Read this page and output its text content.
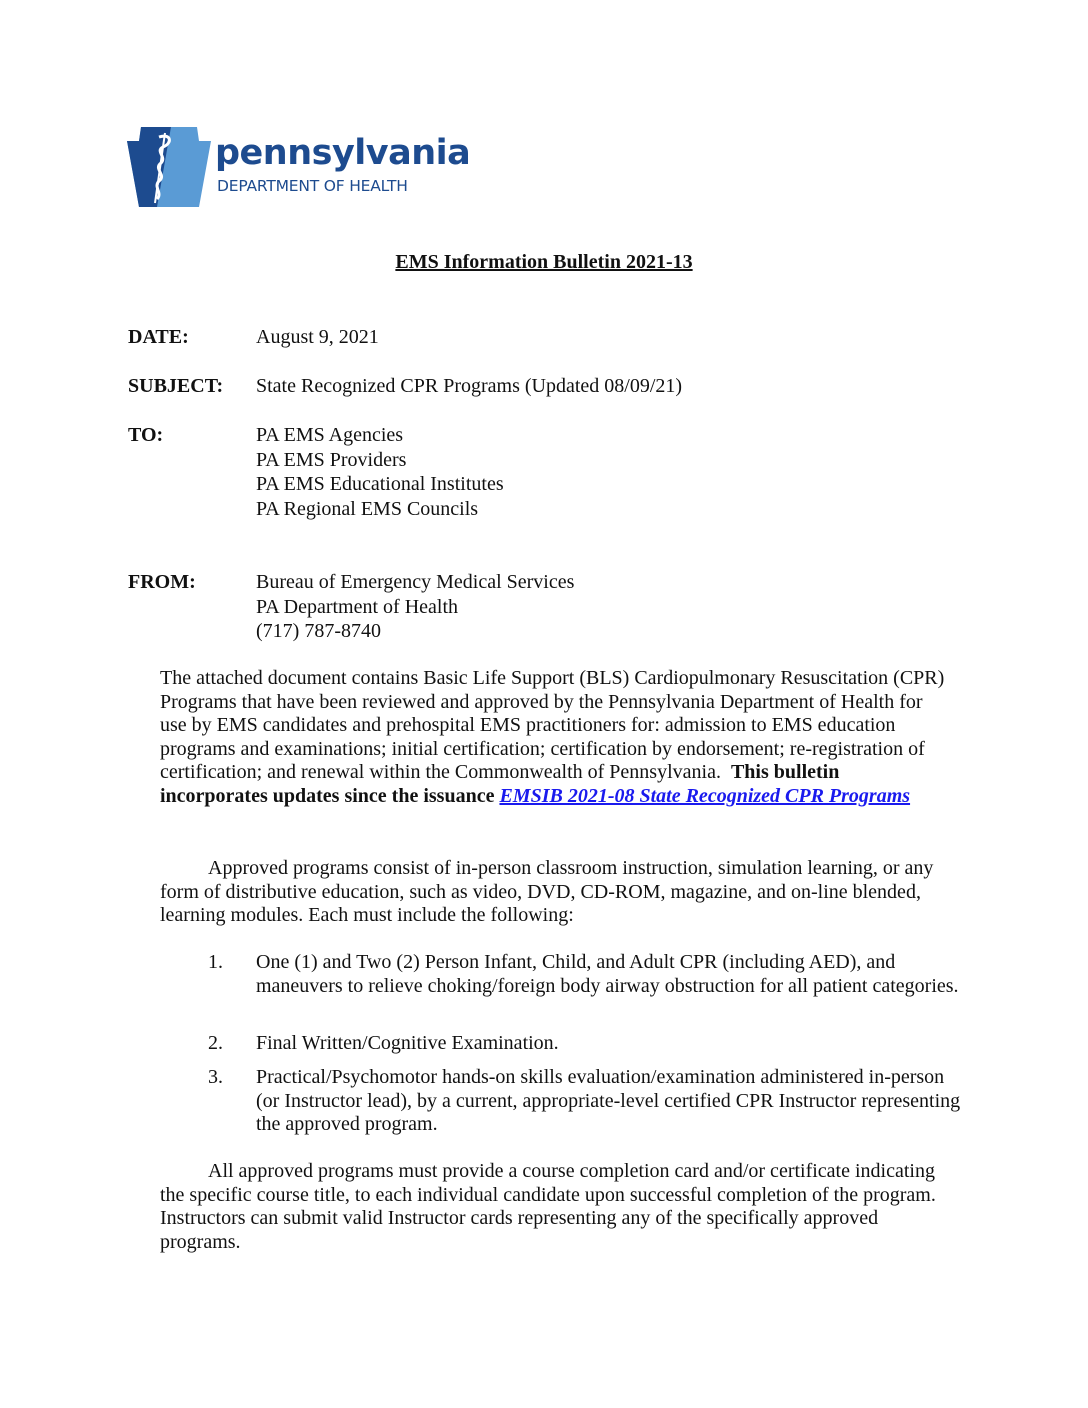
pennsylvania
DEPARTMENT OF HEALTH
EMS Information Bulletin 2021-13
DATE:	August 9, 2021
SUBJECT: State Recognized CPR Programs (Updated 08/09/21)
TO:	PA EMS Agencies
PA EMS Providers
PA EMS Educational Institutes
PA Regional EMS Councils
FROM:	Bureau of Emergency Medical Services
PA Department of Health
(717) 787-8740
The attached document contains Basic Life Support (BLS) Cardiopulmonary Resuscitation (CPR) Programs that have been reviewed and approved by the Pennsylvania Department of Health for use by EMS candidates and prehospital EMS practitioners for: admission to EMS education programs and examinations; initial certification; certification by endorsement; re-registration of certification; and renewal within the Commonwealth of Pennsylvania. This bulletin incorporates updates since the issuance EMSIB 2021-08 State Recognized CPR Programs
Approved programs consist of in-person classroom instruction, simulation learning, or any form of distributive education, such as video, DVD, CD-ROM, magazine, and on-line blended, learning modules. Each must include the following:
1. One (1) and Two (2) Person Infant, Child, and Adult CPR (including AED), and maneuvers to relieve choking/foreign body airway obstruction for all patient categories.
2. Final Written/Cognitive Examination.
3. Practical/Psychomotor hands-on skills evaluation/examination administered in-person (or Instructor lead), by a current, appropriate-level certified CPR Instructor representing the approved program.
All approved programs must provide a course completion card and/or certificate indicating the specific course title, to each individual candidate upon successful completion of the program. Instructors can submit valid Instructor cards representing any of the specifically approved programs.
